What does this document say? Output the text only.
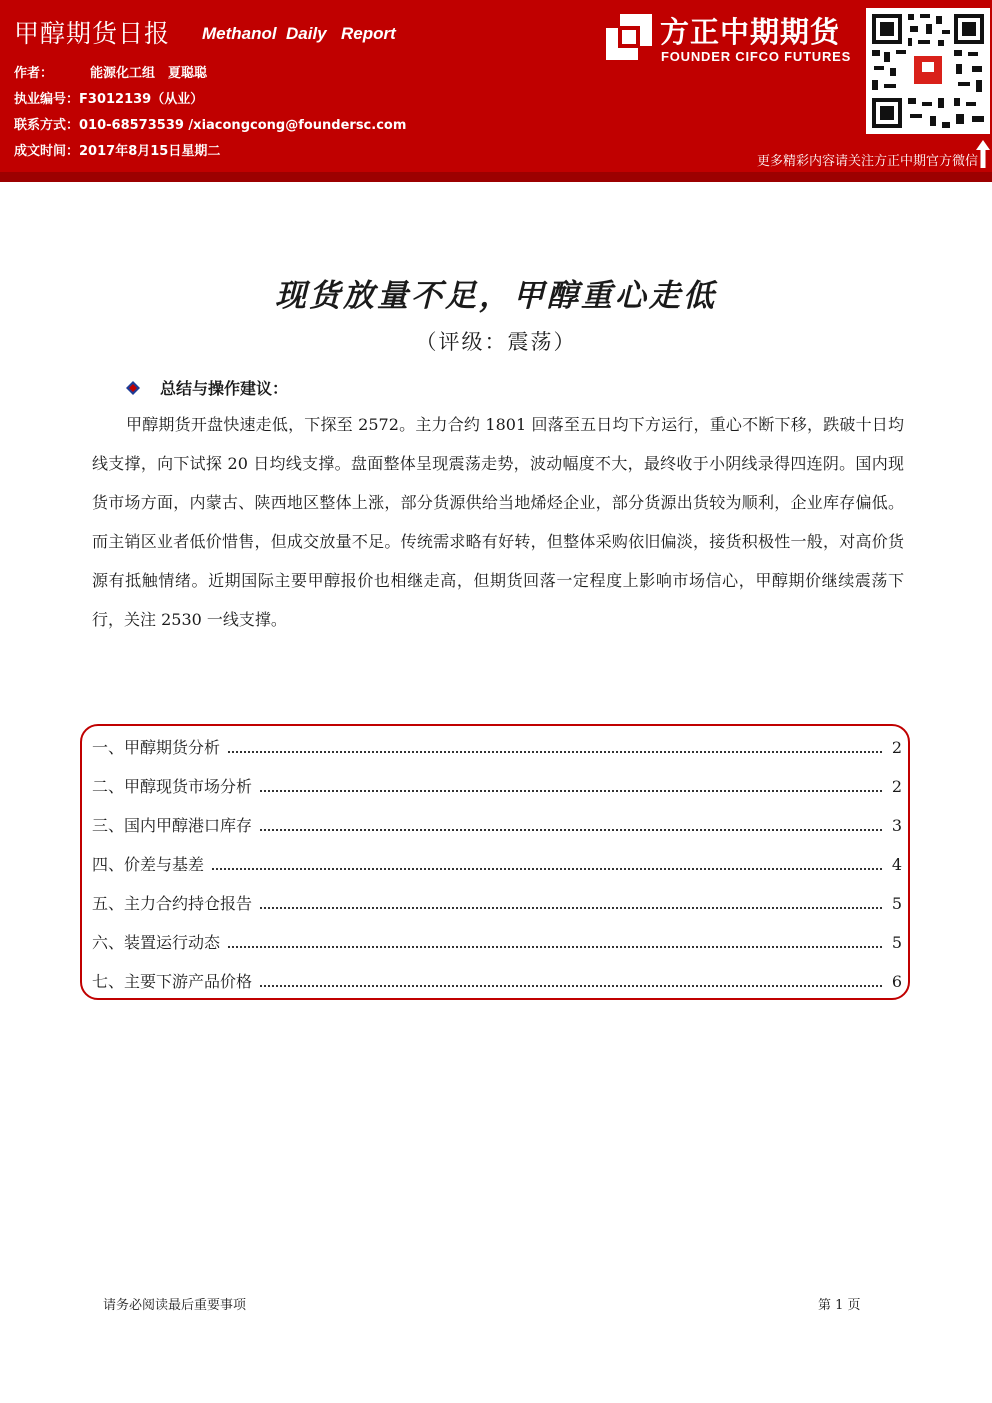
甲醇期货日报 Methanol Daily Report
作者：	能源化工组　夏聪聪
执业编号：F3012139（从业）
联系方式：010-68573539 /xiacongcong@foundersc.com
成文时间：2017年8月15日星期二
方正中期期货
FOUNDER CIFCO FUTURES
更多精彩内容请关注方正中期官方微信
现货放量不足，甲醇重心走低
（评级：震荡）
总结与操作建议：
甲醇期货开盘快速走低，下探至 2572。主力合约 1801 回落至五日均下方运行，重心不断下移，跌破十日均线支撑，向下试探 20 日均线支撑。盘面整体呈现震荡走势，波动幅度不大，最终收于小阴线录得四连阴。国内现货市场方面，内蒙古、陕西地区整体上涨，部分货源供给当地烯烃企业，部分货源出货较为顺利，企业库存偏低。而主销区业者低价惜售，但成交放量不足。传统需求略有好转，但整体采购依旧偏淡，接货积极性一般，对高价货源有抵触情绪。近期国际主要甲醇报价也相继走高，但期货回落一定程度上影响市场信心，甲醇期价继续震荡下行，关注 2530 一线支撑。
一、甲醇期货分析	2
二、甲醇现货市场分析	2
三、国内甲醇港口库存	3
四、价差与基差	4
五、主力合约持仓报告	5
六、装置运行动态	5
七、主要下游产品价格	6
请务必阅读最后重要事项	第 1 页
